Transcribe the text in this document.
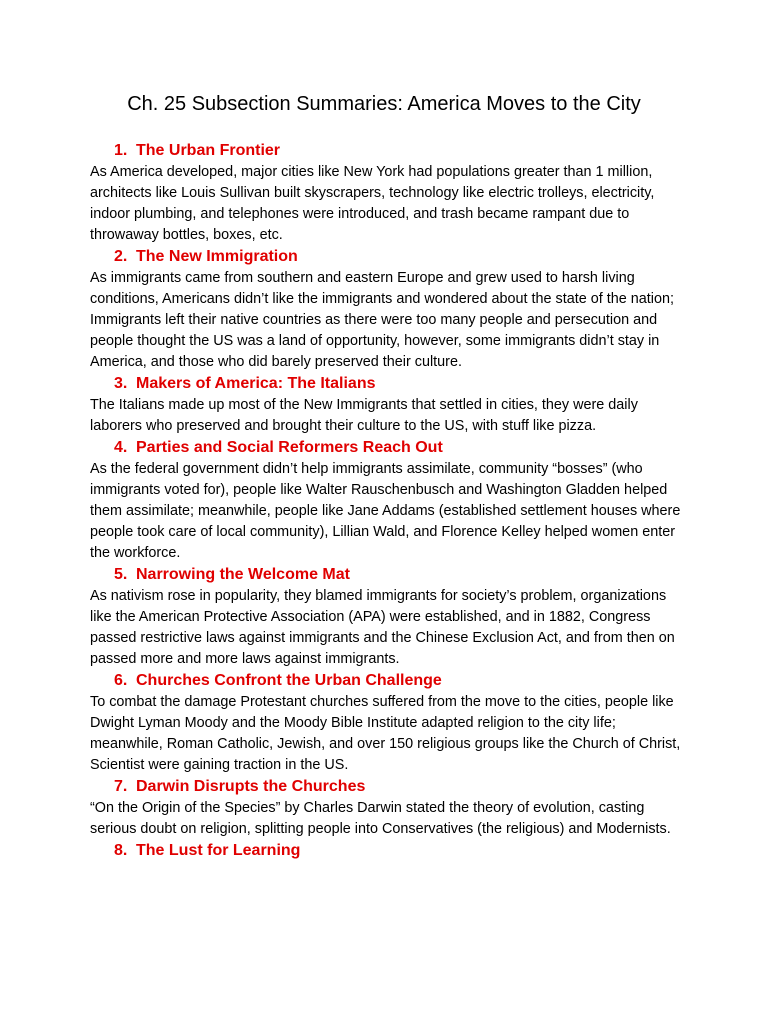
Ch. 25 Subsection Summaries: America Moves to the City

1. The Urban Frontier

As America developed, major cities like New York had populations greater than 1 million, architects like Louis Sullivan built skyscrapers, technology like electric trolleys, electricity, indoor plumbing, and telephones were introduced, and trash became rampant due to throwaway bottles, boxes, etc.

2. The New Immigration

As immigrants came from southern and eastern Europe and grew used to harsh living conditions, Americans didn’t like the immigrants and wondered about the state of the nation; Immigrants left their native countries as there were too many people and persecution and people thought the US was a land of opportunity, however, some immigrants didn’t stay in America, and those who did barely preserved their culture.

3. Makers of America: The Italians

The Italians made up most of the New Immigrants that settled in cities, they were daily laborers who preserved and brought their culture to the US, with stuff like pizza.

4. Parties and Social Reformers Reach Out

As the federal government didn’t help immigrants assimilate, community “bosses” (who immigrants voted for), people like Walter Rauschenbusch and Washington Gladden helped them assimilate; meanwhile, people like Jane Addams (established settlement houses where people took care of local community), Lillian Wald, and Florence Kelley helped women enter the workforce.

5. Narrowing the Welcome Mat

As nativism rose in popularity, they blamed immigrants for society’s problem, organizations like the American Protective Association (APA) were established, and in 1882, Congress passed restrictive laws against immigrants and the Chinese Exclusion Act, and from then on passed more and more laws against immigrants.

6. Churches Confront the Urban Challenge

To combat the damage Protestant churches suffered from the move to the cities, people like Dwight Lyman Moody and the Moody Bible Institute adapted religion to the city life; meanwhile, Roman Catholic, Jewish, and over 150 religious groups like the Church of Christ, Scientist were gaining traction in the US.

7. Darwin Disrupts the Churches

“On the Origin of the Species” by Charles Darwin stated the theory of evolution, casting serious doubt on religion, splitting people into Conservatives (the religious) and Modernists.

8. The Lust for Learning
